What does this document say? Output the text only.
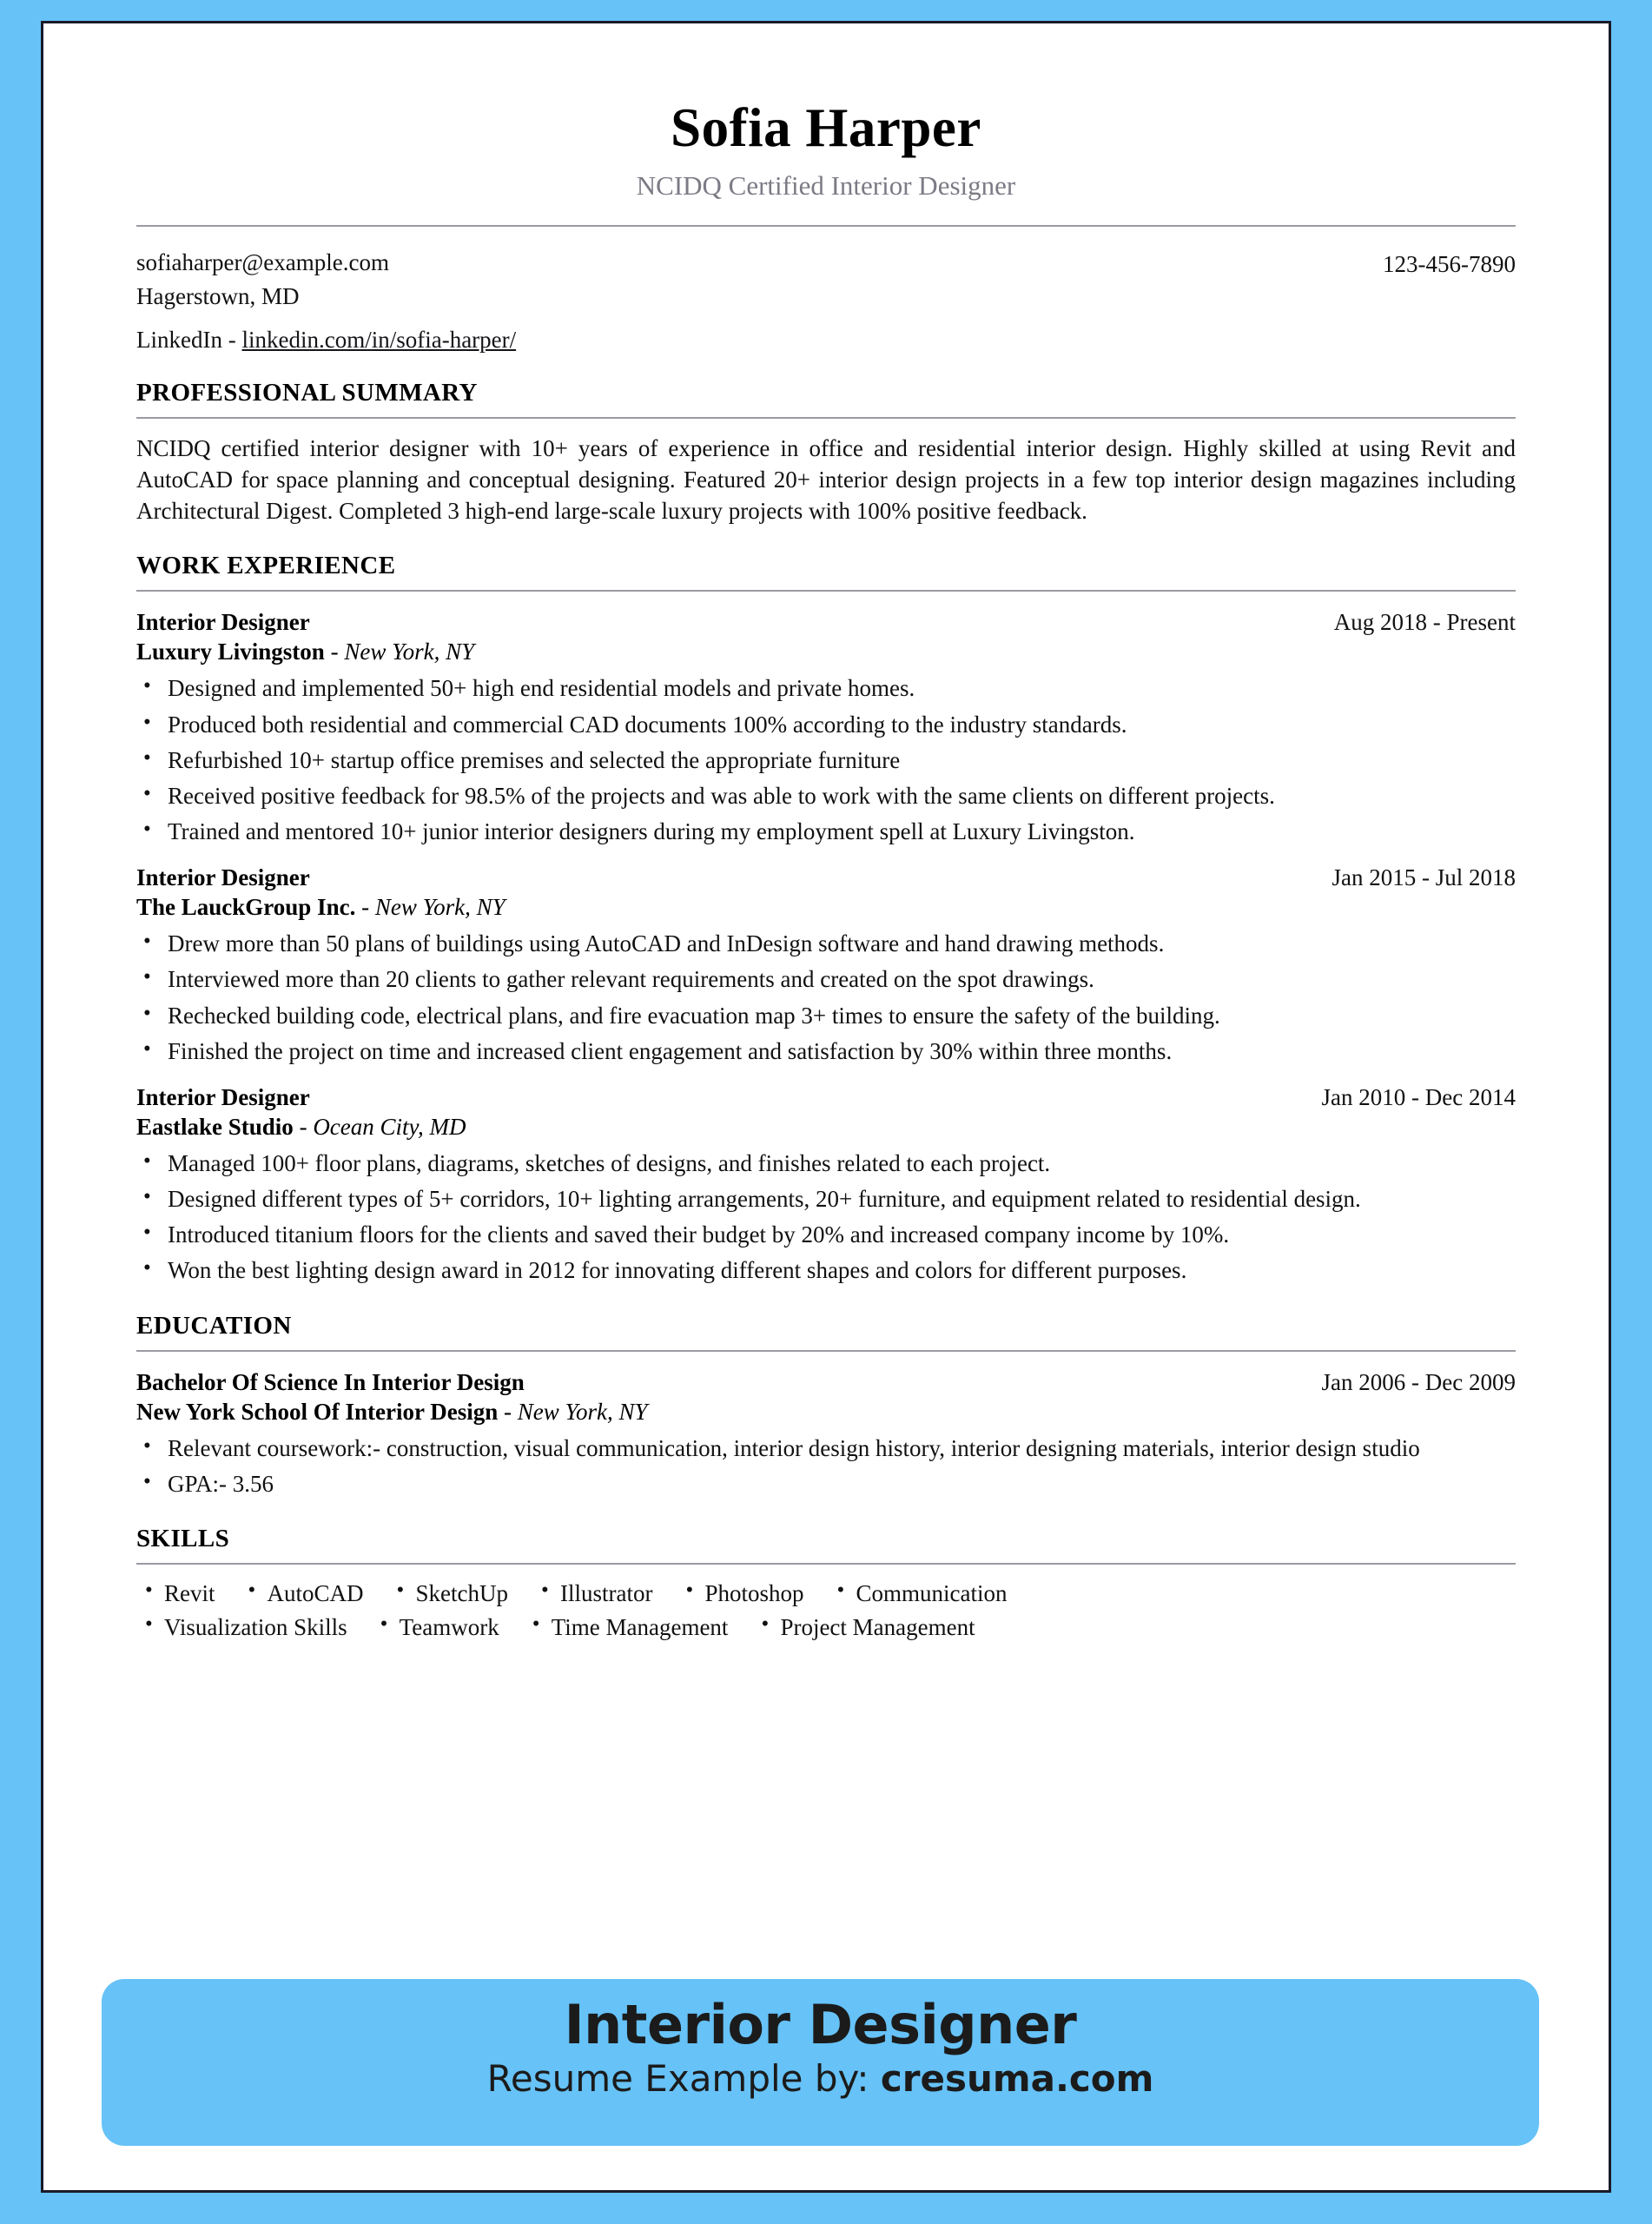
Sofia Harper
NCIDQ Certified Interior Designer
sofiaharper@example.com
Hagerstown, MD
123-456-7890
LinkedIn - linkedin.com/in/sofia-harper/
PROFESSIONAL SUMMARY
NCIDQ certified interior designer with 10+ years of experience in office and residential interior design. Highly skilled at using Revit and AutoCAD for space planning and conceptual designing. Featured 20+ interior design projects in a few top interior design magazines including Architectural Digest. Completed 3 high-end large-scale luxury projects with 100% positive feedback.
WORK EXPERIENCE
Interior Designer	Aug 2018 - Present
Luxury Livingston - New York, NY
• Designed and implemented 50+ high end residential models and private homes.
• Produced both residential and commercial CAD documents 100% according to the industry standards.
• Refurbished 10+ startup office premises and selected the appropriate furniture
• Received positive feedback for 98.5% of the projects and was able to work with the same clients on different projects.
• Trained and mentored 10+ junior interior designers during my employment spell at Luxury Livingston.
Interior Designer	Jan 2015 - Jul 2018
The LauckGroup Inc. - New York, NY
• Drew more than 50 plans of buildings using AutoCAD and InDesign software and hand drawing methods.
• Interviewed more than 20 clients to gather relevant requirements and created on the spot drawings.
• Rechecked building code, electrical plans, and fire evacuation map 3+ times to ensure the safety of the building.
• Finished the project on time and increased client engagement and satisfaction by 30% within three months.
Interior Designer	Jan 2010 - Dec 2014
Eastlake Studio - Ocean City, MD
• Managed 100+ floor plans, diagrams, sketches of designs, and finishes related to each project.
• Designed different types of 5+ corridors, 10+ lighting arrangements, 20+ furniture, and equipment related to residential design.
• Introduced titanium floors for the clients and saved their budget by 20% and increased company income by 10%.
• Won the best lighting design award in 2012 for innovating different shapes and colors for different purposes.
EDUCATION
Bachelor Of Science In Interior Design	Jan 2006 - Dec 2009
New York School Of Interior Design - New York, NY
• Relevant coursework:- construction, visual communication, interior design history, interior designing materials, interior design studio
• GPA:- 3.56
SKILLS
• Revit	• AutoCAD	• SketchUp	• Illustrator	• Photoshop	• Communication
• Visualization Skills	• Teamwork	• Time Management	• Project Management
Interior Designer
Resume Example by: cresuma.com
